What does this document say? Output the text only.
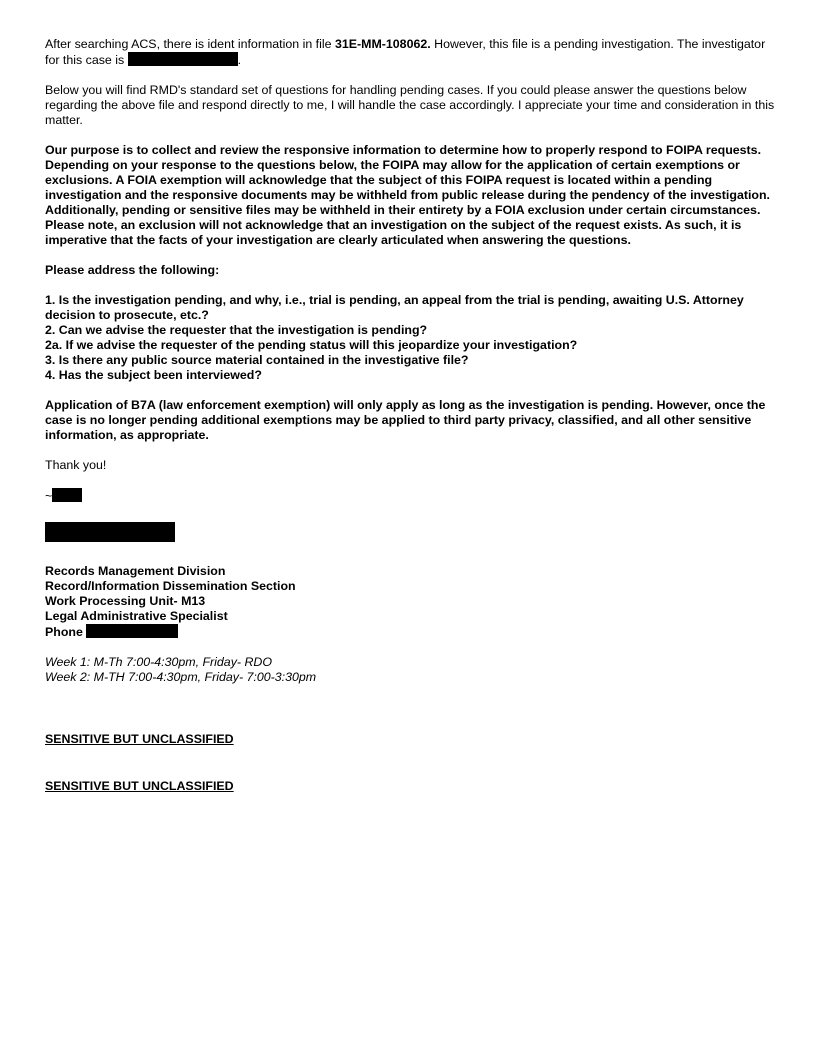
After searching ACS, there is ident information in file 31E-MM-108062. However, this file is a pending investigation. The investigator for this case is	.

Below you will find RMD's standard set of questions for handling pending cases. If you could please answer the questions below regarding the above file and respond directly to me, I will handle the case accordingly. I appreciate your time and consideration in this matter.

Our purpose is to collect and review the responsive information to determine how to properly respond to FOIPA requests. Depending on your response to the questions below, the FOIPA may allow for the application of certain exemptions or exclusions. A FOIA exemption will acknowledge that the subject of this FOIPA request is located within a pending investigation and the responsive documents may be withheld from public release during the pendency of the investigation. Additionally, pending or sensitive files may be withheld in their entirety by a FOIA exclusion under certain circumstances. Please note, an exclusion will not acknowledge that an investigation on the subject of the request exists. As such, it is imperative that the facts of your investigation are clearly articulated when answering the questions.

Please address the following:

1. Is the investigation pending, and why, i.e., trial is pending, an appeal from the trial is pending, awaiting U.S. Attorney decision to prosecute, etc.?
2. Can we advise the requester that the investigation is pending?
2a. If we advise the requester of the pending status will this jeopardize your investigation?
3. Is there any public source material contained in the investigative file?
4. Has the subject been interviewed?

Application of B7A (law enforcement exemption) will only apply as long as the investigation is pending. However, once the case is no longer pending additional exemptions may be applied to third party privacy, classified, and all other sensitive information, as appropriate.

Thank you!

~
Records Management Division
Record/Information Dissemination Section
Work Processing Unit- M13
Legal Administrative Specialist
Phone
Week 1: M-Th 7:00-4:30pm, Friday- RDO
Week 2: M-TH 7:00-4:30pm, Friday- 7:00-3:30pm
SENSITIVE BUT UNCLASSIFIED
SENSITIVE BUT UNCLASSIFIED
